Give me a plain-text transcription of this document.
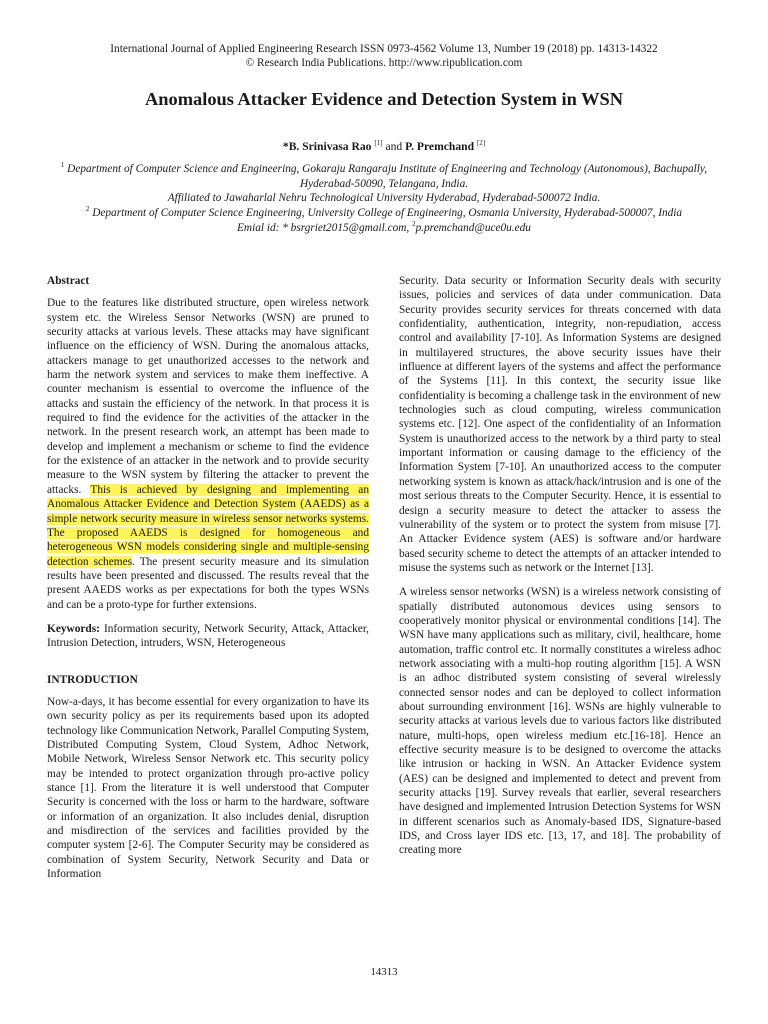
International Journal of Applied Engineering Research ISSN 0973-4562 Volume 13, Number 19 (2018) pp. 14313-14322
© Research India Publications. http://www.ripublication.com
Anomalous Attacker Evidence and Detection System in WSN
*B. Srinivasa Rao [1] and P. Premchand [2]
$^1$ Department of Computer Science and Engineering, Gokaraju Rangaraju Institute of Engineering and Technology (Autonomous), Bachupally, Hyderabad-50090, Telangana, India.
Affiliated to Jawaharlal Nehru Technological University Hyderabad, Hyderabad-500072 India.
$^2$ Department of Computer Science Engineering, University College of Engineering, Osmania University, Hyderabad-500007, India
Emial id: * bsrgriet2015@gmail.com, $^2$p.premchand@uce0u.edu
Abstract

Due to the features like distributed structure, open wireless network system etc. the Wireless Sensor Networks (WSN) are pruned to security attacks at various levels. These attacks may have significant influence on the efficiency of WSN. During the anomalous attacks, attackers manage to get unauthorized accesses to the network and harm the network system and services to make them ineffective. A counter mechanism is essential to overcome the influence of the attacks and sustain the efficiency of the network. In that process it is required to find the evidence for the activities of the attacker in the network. In the present research work, an attempt has been made to develop and implement a mechanism or scheme to find the evidence for the existence of an attacker in the network and to provide security measure to the WSN system by filtering the attacker to prevent the attacks. This is achieved by designing and implementing an Anomalous Attacker Evidence and Detection System (AAEDS) as a simple network security measure in wireless sensor networks systems. The proposed AAEDS is designed for homogeneous and heterogeneous WSN models considering single and multiple-sensing detection schemes. The present security measure and its simulation results have been presented and discussed. The results reveal that the present AAEDS works as per expectations for both the types WSNs and can be a proto-type for further extensions.

Keywords: Information security, Network Security, Attack, Attacker, Intrusion Detection, intruders, WSN, Heterogeneous

INTRODUCTION

Now-a-days, it has become essential for every organization to have its own security policy as per its requirements based upon its adopted technology like Communication Network, Parallel Computing System, Distributed Computing System, Cloud System, Adhoc Network, Mobile Network, Wireless Sensor Network etc. This security policy may be intended to protect organization through pro-active policy stance [1]. From the literature it is well understood that Computer Security is concerned with the loss or harm to the hardware, software or information of an organization. It also includes denial, disruption and misdirection of the services and facilities provided by the computer system [2-6]. The Computer Security may be considered as combination of System Security, Network Security and Data or Information

Security. Data security or Information Security deals with security issues, policies and services of data under communication. Data Security provides security services for threats concerned with data confidentiality, authentication, integrity, non-repudiation, access control and availability [7-10]. As Information Systems are designed in multilayered structures, the above security issues have their influence at different layers of the systems and affect the performance of the Systems [11]. In this context, the security issue like confidentiality is becoming a challenge task in the environment of new technologies such as cloud computing, wireless communication systems etc. [12]. One aspect of the confidentiality of an Information System is unauthorized access to the network by a third party to steal important information or causing damage to the efficiency of the Information System [7-10]. An unauthorized access to the computer networking system is known as attack/hack/intrusion and is one of the most serious threats to the Computer Security. Hence, it is essential to design a security measure to detect the attacker to assess the vulnerability of the system or to protect the system from misuse [7]. An Attacker Evidence system (AES) is software and/or hardware based security scheme to detect the attempts of an attacker intended to misuse the systems such as network or the Internet [13].

A wireless sensor networks (WSN) is a wireless network consisting of spatially distributed autonomous devices using sensors to cooperatively monitor physical or environmental conditions [14]. The WSN have many applications such as military, civil, healthcare, home automation, traffic control etc. It normally constitutes a wireless adhoc network associating with a multi-hop routing algorithm [15]. A WSN is an adhoc distributed system consisting of several wirelessly connected sensor nodes and can be deployed to collect information about surrounding environment [16]. WSNs are highly vulnerable to security attacks at various levels due to various factors like distributed nature, multi-hops, open wireless medium etc.[16-18]. Hence an effective security measure is to be designed to overcome the attacks like intrusion or hacking in WSN. An Attacker Evidence system (AES) can be designed and implemented to detect and prevent from security attacks [19]. Survey reveals that earlier, several researchers have designed and implemented Intrusion Detection Systems for WSN in different scenarios such as Anomaly-based IDS, Signature-based IDS, and Cross layer IDS etc. [13, 17, and 18]. The probability of creating more

14313
